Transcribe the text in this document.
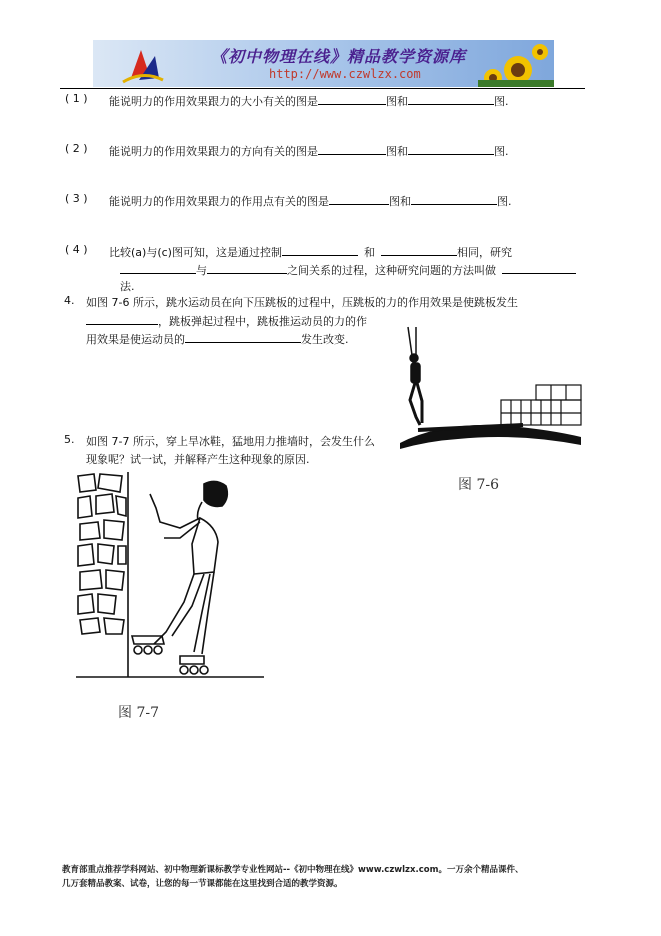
《初中物理在线》精品教学资源库
http://www.czwlzx.com
( 1 ) 能说明力的作用效果跟力的大小有关的图是	图和	图.
( 2 ) 能说明力的作用效果跟力的方向有关的图是	图和	图.
( 3 ) 能说明力的作用效果跟力的作用点有关的图是	图和	图.
( 4 ) 比较(a)与(c)图可知，这是通过控制	和	相同，研究
与	之间关系的过程，这种研究问题的方法叫做
法.
4. 如图 7-6 所示，跳水运动员在向下压跳板的过程中，压跳板的力的作用效果是使跳板发生
，跳板弹起过程中，跳板推运动员的力的作
用效果是使运动员的	发生改变.
图 7-6
5. 如图 7-7 所示，穿上旱冰鞋，猛地用力推墙时，会发生什么
现象呢？试一试，并解释产生这种现象的原因.
图 7-7
教育部重点推荐学科网站、初中物理新课标教学专业性网站--《初中物理在线》www.czwlzx.com。一万余个精品课件、
几万套精品教案、试卷，让您的每一节课都能在这里找到合适的教学资源。
